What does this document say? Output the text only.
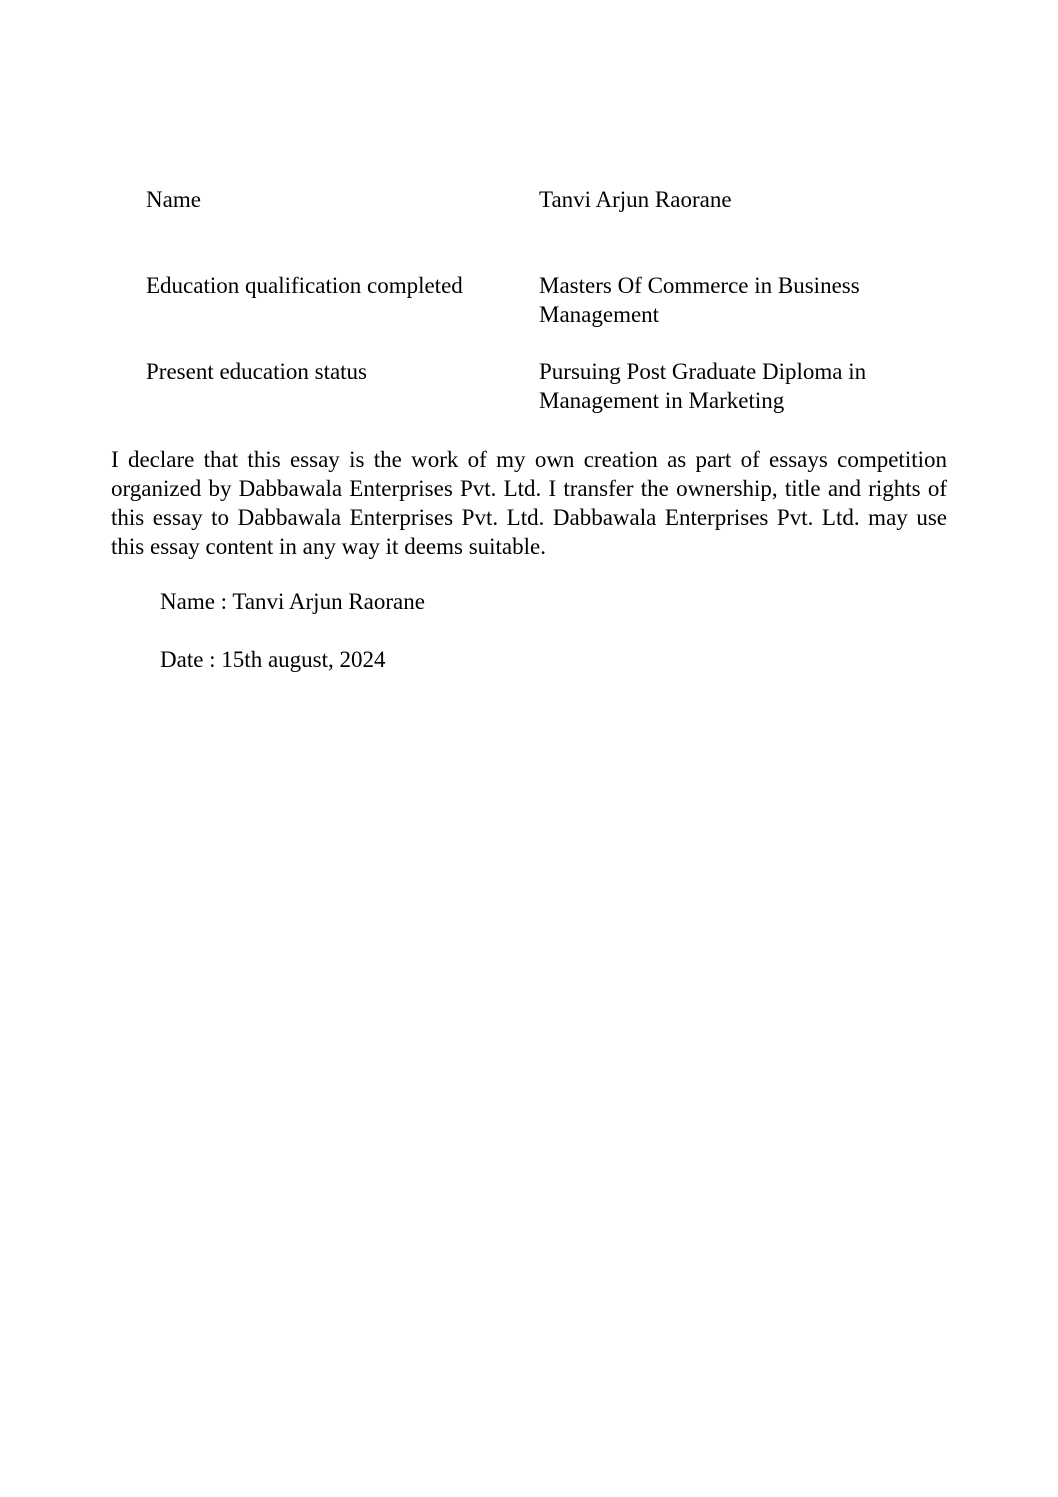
Name	Tanvi Arjun Raorane
Education qualification completed	Masters Of Commerce in Business Management
Present education status	Pursuing Post Graduate Diploma in Management in Marketing

I declare that this essay is the work of my own creation as part of essays competition organized by Dabbawala Enterprises Pvt. Ltd. I transfer the ownership, title and rights of this essay to Dabbawala Enterprises Pvt. Ltd. Dabbawala Enterprises Pvt. Ltd. may use this essay content in any way it deems suitable.

Name : Tanvi Arjun Raorane

Date : 15th august, 2024
